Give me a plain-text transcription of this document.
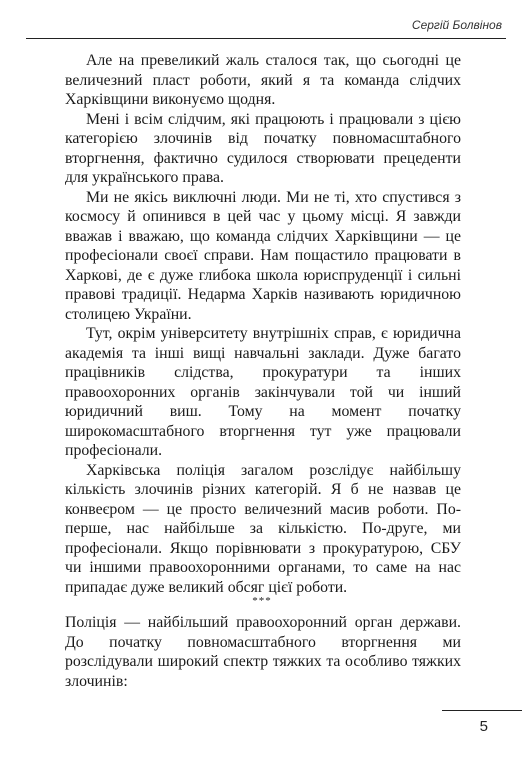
Сергій Болвінов

Але на превеликий жаль сталося так, що сьогодні це величезний пласт роботи, який я та команда слідчих Харківщини виконуємо щодня.

Мені і всім слідчим, які працюють і працювали з цією категорією злочинів від початку повномасштабного вторгнення, фактично судилося створювати прецеденти для українського права.

Ми не якісь виключні люди. Ми не ті, хто спустився з космосу й опинився в цей час у цьому місці. Я завжди вважав і вважаю, що команда слідчих Харківщини — це професіонали своєї справи. Нам пощастило працювати в Харкові, де є дуже глибока школа юриспруденції і сильні правові традиції. Недарма Харків називають юридичною столицею України.

Тут, окрім університету внутрішніх справ, є юридична академія та інші вищі навчальні заклади. Дуже багато працівників слідства, прокуратури та інших правоохоронних органів закінчували той чи інший юридичний виш. Тому на момент початку широкомасштабного вторгнення тут уже працювали професіонали.

Харківська поліція загалом розслідує найбільшу кількість злочинів різних категорій. Я б не назвав це конвеєром — це просто величезний масив роботи. По-перше, нас найбільше за кількістю. По-друге, ми професіонали. Якщо порівнювати з прокуратурою, СБУ чи іншими правоохоронними органами, то саме на нас припадає дуже великий обсяг цієї роботи.

***

Поліція — найбільший правоохоронний орган держави. До початку повномасштабного вторгнення ми розслідували широкий спектр тяжких та особливо тяжких злочинів:

5
